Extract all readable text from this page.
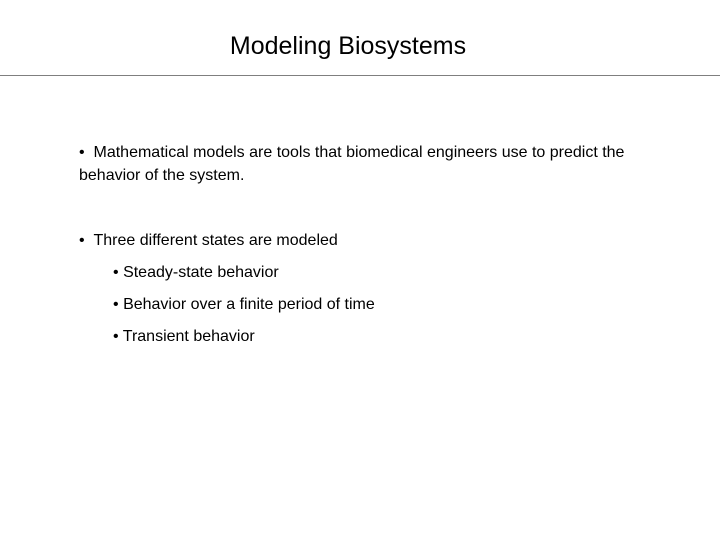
Modeling Biosystems

• Mathematical models are tools that biomedical engineers use to predict the behavior of the system.

• Three different states are modeled

• Steady-state behavior
• Behavior over a finite period of time
• Transient behavior
